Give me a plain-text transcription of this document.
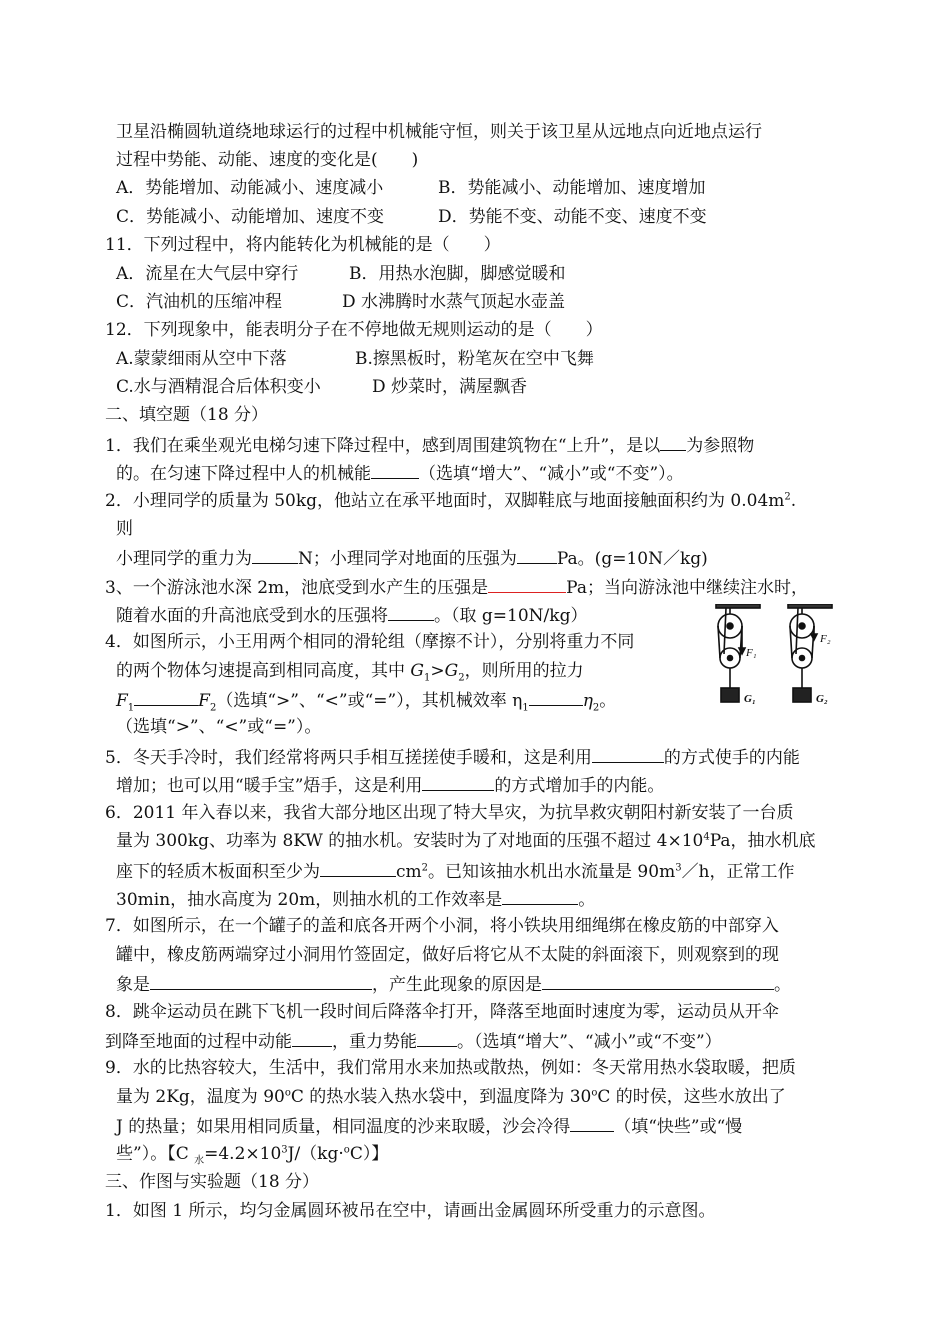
卫星沿椭圆轨道绕地球运行的过程中机械能守恒，则关于该卫星从远地点向近地点运行
过程中势能、动能、速度的变化是(　　)
A．势能增加、动能减小、速度减小	B．势能减小、动能增加、速度增加
C．势能减小、动能增加、速度不变	D．势能不变、动能不变、速度不变
11．下列过程中，将内能转化为机械能的是（　　）
A．流星在大气层中穿行	B．用热水泡脚，脚感觉暖和
C．汽油机的压缩冲程	D 水沸腾时水蒸气顶起水壶盖
12．下列现象中，能表明分子在不停地做无规则运动的是（　　）
A.蒙蒙细雨从空中下落	B.擦黑板时，粉笔灰在空中飞舞
C.水与酒精混合后体积变小	D 炒菜时，满屋飘香
二、填空题（18 分）
1．我们在乘坐观光电梯匀速下降过程中，感到周围建筑物在“上升”，是以 为参照物
的。在匀速下降过程中人的机械能	（选填“增大”、“减小”或“不变”）。
2．小理同学的质量为 50kg，他站立在承平地面时，双脚鞋底与地面接触面积约为 $0.04m^2$.
则
小理同学的重力为	N；小理同学对地面的压强为 Pa。(g=10N／kg)
3、一个游泳池水深 2m，池底受到水产生的压强是	Pa；当向游泳池中继续注水时，
随着水面的升高池底受到水的压强将	。（取 g=10N/kg）
4．如图所示，小王用两个相同的滑轮组（摩擦不计），分别将重力不同
的两个物体匀速提高到相同高度，其中 $G_1>G_2$，则所用的拉力
$F_1$	$F_2$（选填“>”、“<”或“=”），其机械效率 $\eta_1$	$\eta_2$。
（选填“>”、“<”或“=”）。
F₁
F₂
G₁	G₂
5．冬天手冷时，我们经常将两只手相互搓搓使手暖和，这是利用	的方式使手的内能
增加；也可以用“暖手宝”焐手，这是利用	的方式增加手的内能。
6．2011 年入春以来，我省大部分地区出现了特大旱灾，为抗旱救灾朝阳村新安装了一台质
量为 300kg、功率为 8KW 的抽水机。安装时为了对地面的压强不超过 $4\times 10^4Pa$，抽水机底
座下的轻质木板面积至少为	$cm^2$。已知该抽水机出水流量是 $90m^3/h$，正常工作
30min，抽水高度为 20m，则抽水机的工作效率是	。
7．如图所示，在一个罐子的盖和底各开两个小洞，将小铁块用细绳绑在橡皮筋的中部穿入
罐中，橡皮筋两端穿过小洞用竹签固定，做好后将它从不太陡的斜面滚下，则观察到的现
象是	，产生此现象的原因是	。
8．跳伞运动员在跳下飞机一段时间后降落伞打开，降落至地面时速度为零，运动员从开伞
到降至地面的过程中动能 ，重力势能 。（选填“增大”、“减小”或“不变”）
9．水的比热容较大，生活中，我们常用水来加热或散热，例如：冬天常用热水袋取暖，把质
量为 2Kg，温度为 90$^o$C 的热水装入热水袋中，到温度降为 30$^o$C 的时侯，这些水放出了
J 的热量；如果用相同质量，相同温度的沙来取暖，沙会冷得	（填“快些”或“慢
些”）。【C $_水=4.2\times 10^3J/(kg\cdot^oC)$】
三、作图与实验题（18 分）
1．如图 1 所示，均匀金属圆环被吊在空中，请画出金属圆环所受重力的示意图。
